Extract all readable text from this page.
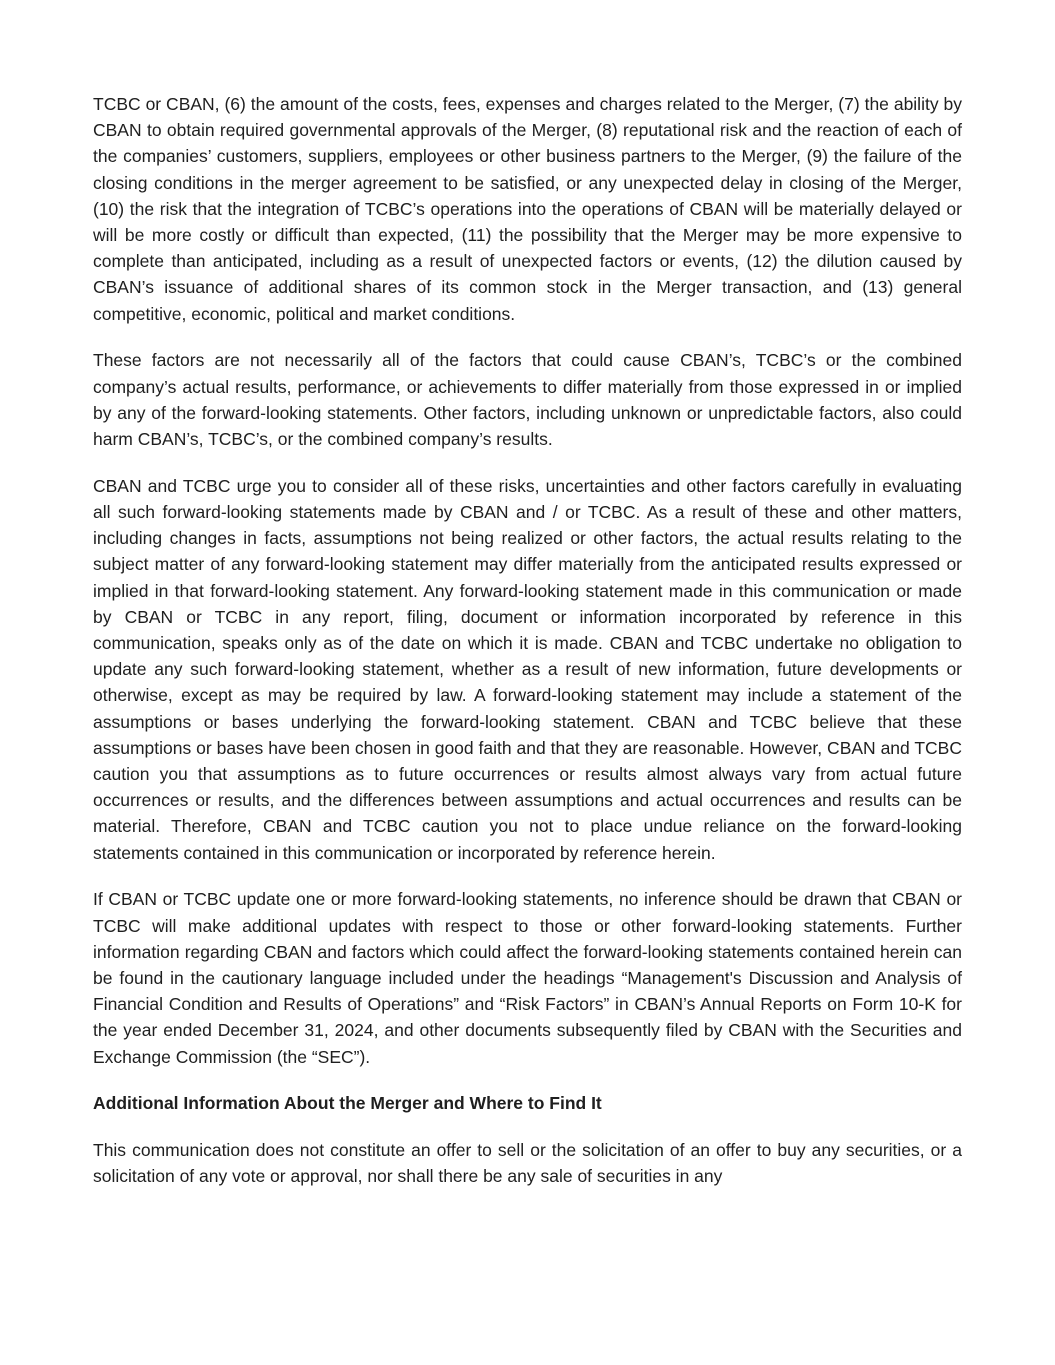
TCBC or CBAN, (6) the amount of the costs, fees, expenses and charges related to the Merger, (7) the ability by CBAN to obtain required governmental approvals of the Merger, (8) reputational risk and the reaction of each of the companies’ customers, suppliers, employees or other business partners to the Merger, (9) the failure of the closing conditions in the merger agreement to be satisfied, or any unexpected delay in closing of the Merger, (10) the risk that the integration of TCBC’s operations into the operations of CBAN will be materially delayed or will be more costly or difficult than expected, (11) the possibility that the Merger may be more expensive to complete than anticipated, including as a result of unexpected factors or events, (12) the dilution caused by CBAN’s issuance of additional shares of its common stock in the Merger transaction, and (13) general competitive, economic, political and market conditions.

These factors are not necessarily all of the factors that could cause CBAN’s, TCBC’s or the combined company’s actual results, performance, or achievements to differ materially from those expressed in or implied by any of the forward-looking statements. Other factors, including unknown or unpredictable factors, also could harm CBAN’s, TCBC’s, or the combined company’s results.

CBAN and TCBC urge you to consider all of these risks, uncertainties and other factors carefully in evaluating all such forward-looking statements made by CBAN and / or TCBC. As a result of these and other matters, including changes in facts, assumptions not being realized or other factors, the actual results relating to the subject matter of any forward-looking statement may differ materially from the anticipated results expressed or implied in that forward-looking statement. Any forward-looking statement made in this communication or made by CBAN or TCBC in any report, filing, document or information incorporated by reference in this communication, speaks only as of the date on which it is made. CBAN and TCBC undertake no obligation to update any such forward-looking statement, whether as a result of new information, future developments or otherwise, except as may be required by law. A forward-looking statement may include a statement of the assumptions or bases underlying the forward-looking statement. CBAN and TCBC believe that these assumptions or bases have been chosen in good faith and that they are reasonable. However, CBAN and TCBC caution you that assumptions as to future occurrences or results almost always vary from actual future occurrences or results, and the differences between assumptions and actual occurrences and results can be material. Therefore, CBAN and TCBC caution you not to place undue reliance on the forward-looking statements contained in this communication or incorporated by reference herein.

If CBAN or TCBC update one or more forward-looking statements, no inference should be drawn that CBAN or TCBC will make additional updates with respect to those or other forward-looking statements. Further information regarding CBAN and factors which could affect the forward-looking statements contained herein can be found in the cautionary language included under the headings “Management's Discussion and Analysis of Financial Condition and Results of Operations” and “Risk Factors” in CBAN’s Annual Reports on Form 10-K for the year ended December 31, 2024, and other documents subsequently filed by CBAN with the Securities and Exchange Commission (the “SEC”).

Additional Information About the Merger and Where to Find It

This communication does not constitute an offer to sell or the solicitation of an offer to buy any securities, or a solicitation of any vote or approval, nor shall there be any sale of securities in any
